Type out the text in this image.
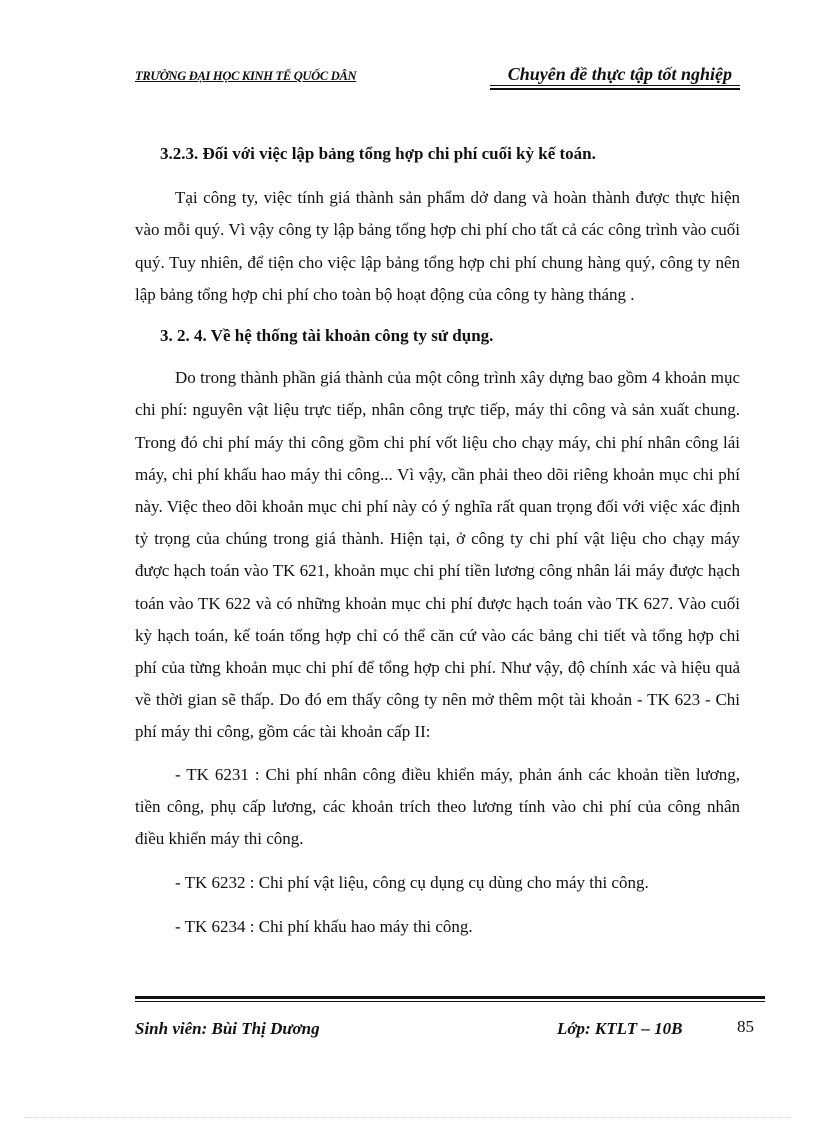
TRƯỜNG ĐẠI HỌC KINH TẾ QUỐC DÂN	Chuyên đề thực tập tốt nghiệp

3.2.3. Đối với việc lập bảng tổng hợp chi phí cuối kỳ kế toán.

Tại công ty, việc tính giá thành sản phẩm dở dang và hoàn thành được thực hiện vào mỗi quý. Vì vậy công ty lập bảng tổng hợp chi phí cho tất cả các công trình vào cuối quý. Tuy nhiên, để tiện cho việc lập bảng tổng hợp chi phí chung hàng quý, công ty nên lập bảng tổng hợp chi phí cho toàn bộ hoạt động của công ty hàng tháng .

3. 2. 4. Về hệ thống tài khoản công ty sử dụng.

Do trong thành phần giá thành của một công trình xây dựng bao gồm 4 khoản mục chi phí: nguyên vật liệu trực tiếp, nhân công trực tiếp, máy thi công và sản xuất chung. Trong đó chi phí máy thi công gồm chi phí vốt liệu cho chạy máy, chi phí nhân công lái máy, chi phí khấu hao máy thi công... Vì vậy, cần phải theo dõi riêng khoản mục chi phí này. Việc theo dõi khoản mục chi phí này có ý nghĩa rất quan trọng đối với việc xác định tỷ trọng của chúng trong giá thành. Hiện tại, ở công ty chi phí vật liệu cho chạy máy được hạch toán vào TK 621, khoản mục chi phí tiền lương công nhân lái máy được hạch toán vào TK 622 và có những khoản mục chi phí được hạch toán vào TK 627. Vào cuối kỳ hạch toán, kế toán tổng hợp chỉ có thể căn cứ vào các bảng chi tiết và tổng hợp chi phí của từng khoản mục chi phí để tổng hợp chi phí. Như vậy, độ chính xác và hiệu quả về thời gian sẽ thấp. Do đó em thấy công ty nên mở thêm một tài khoản - TK 623 - Chi phí máy thi công, gồm các tài khoản cấp II:

- TK 6231 : Chi phí nhân công điều khiển máy, phản ánh các khoản tiền lương, tiền công, phụ cấp lương, các khoản trích theo lương tính vào chi phí của công nhân điều khiển máy thi công.

- TK 6232 : Chi phí vật liệu, công cụ dụng cụ dùng cho máy thi công.

- TK 6234 : Chi phí khấu hao máy thi công.

Sinh viên: Bùi Thị Dương	Lớp: KTLT – 10B	85
